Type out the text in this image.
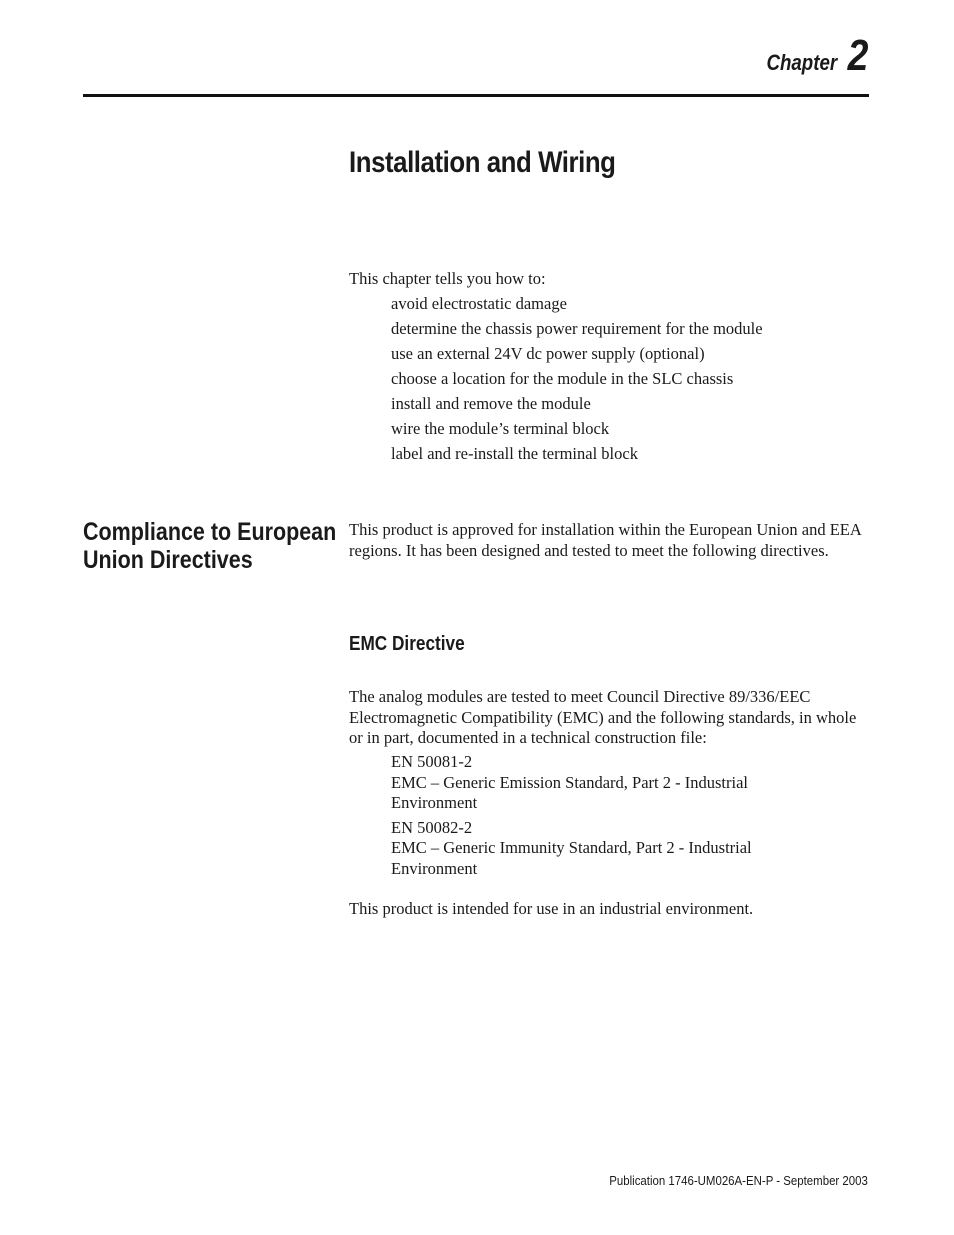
Chapter 2
Installation and Wiring
This chapter tells you how to:
avoid electrostatic damage
determine the chassis power requirement for the module
use an external 24V dc power supply (optional)
choose a location for the module in the SLC chassis
install and remove the module
wire the module’s terminal block
label and re-install the terminal block
Compliance to European
Union Directives

This product is approved for installation within the European Union and EEA regions. It has been designed and tested to meet the following directives.

EMC Directive

The analog modules are tested to meet Council Directive 89/336/EEC Electromagnetic Compatibility (EMC) and the following standards, in whole or in part, documented in a technical construction file:

EN 50081-2
EMC – Generic Emission Standard, Part 2 - Industrial Environment
EN 50082-2
EMC – Generic Immunity Standard, Part 2 - Industrial Environment
This product is intended for use in an industrial environment.
Publication 1746-UM026A-EN-P - September 2003
